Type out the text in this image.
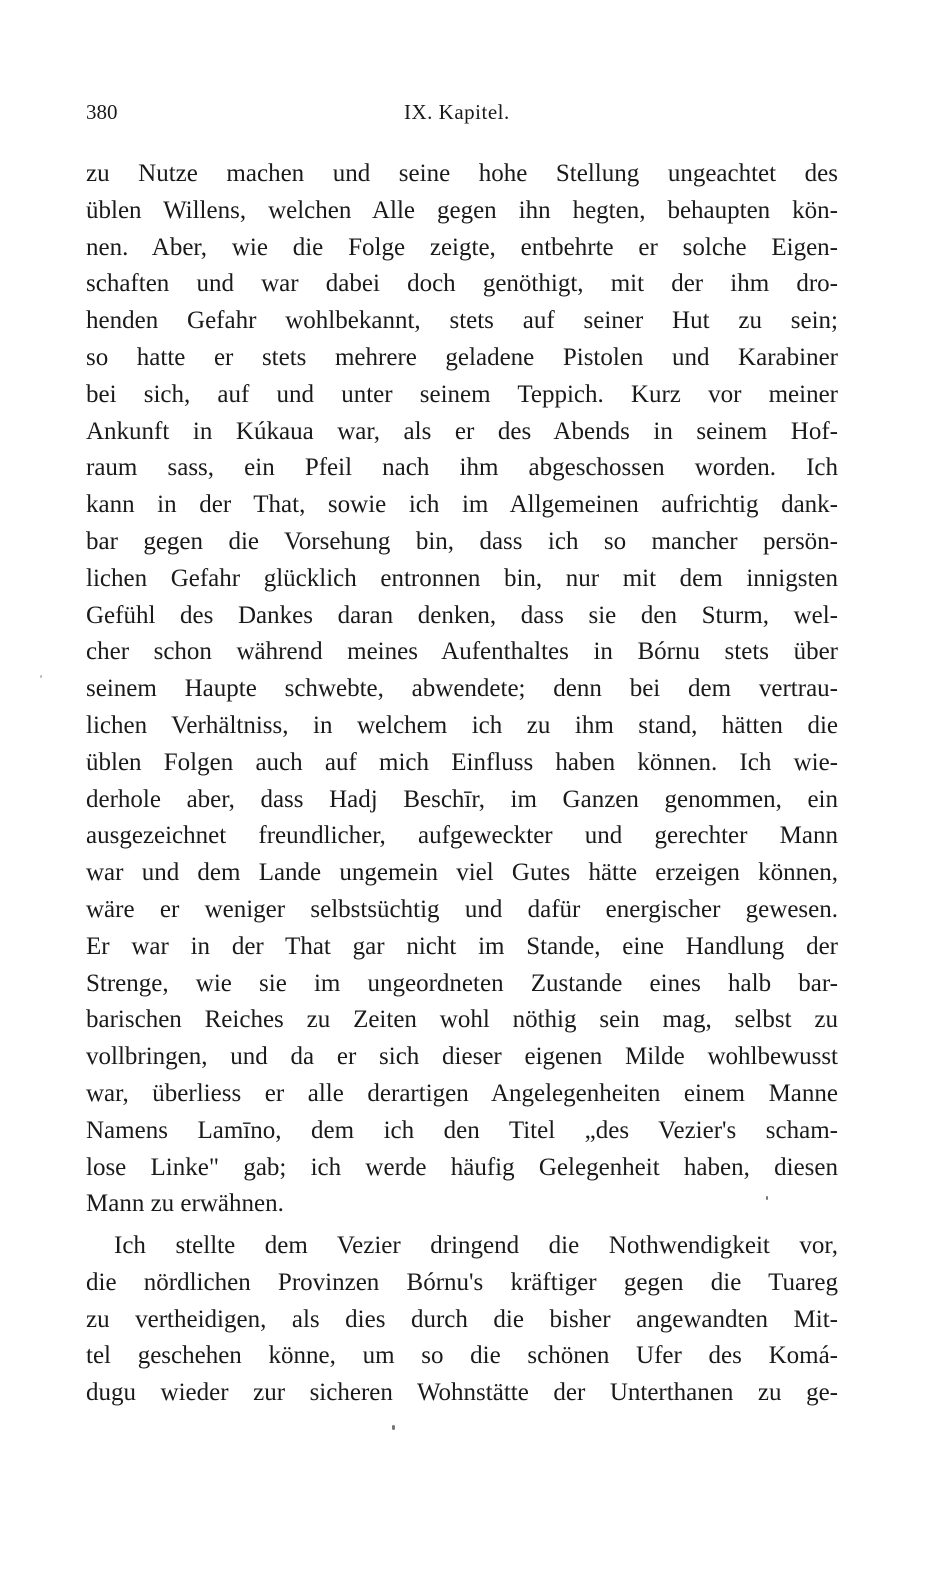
380	IX. Kapitel.
zu Nutze machen und seine hohe Stellung ungeachtet des
üblen Willens, welchen Alle gegen ihn hegten, behaupten kön-
nen. Aber, wie die Folge zeigte, entbehrte er solche Eigen-
schaften und war dabei doch genöthigt, mit der ihm dro-
henden Gefahr wohlbekannt, stets auf seiner Hut zu sein;
so hatte er stets mehrere geladene Pistolen und Karabiner
bei sich, auf und unter seinem Teppich. Kurz vor meiner
Ankunft in Kúkaua war, als er des Abends in seinem Hof-
raum sass, ein Pfeil nach ihm abgeschossen worden. Ich
kann in der That, sowie ich im Allgemeinen aufrichtig dank-
bar gegen die Vorsehung bin, dass ich so mancher persön-
lichen Gefahr glücklich entronnen bin, nur mit dem innigsten
Gefühl des Dankes daran denken, dass sie den Sturm, wel-
cher schon während meines Aufenthaltes in Bórnu stets über
seinem Haupte schwebte, abwendete; denn bei dem vertrau-
lichen Verhältniss, in welchem ich zu ihm stand, hätten die
üblen Folgen auch auf mich Einfluss haben können. Ich wie-
derhole aber, dass Hadj Beschīr, im Ganzen genommen, ein
ausgezeichnet freundlicher, aufgeweckter und gerechter Mann
war und dem Lande ungemein viel Gutes hätte erzeigen können,
wäre er weniger selbstsüchtig und dafür energischer gewesen.
Er war in der That gar nicht im Stande, eine Handlung der
Strenge, wie sie im ungeordneten Zustande eines halb bar-
barischen Reiches zu Zeiten wohl nöthig sein mag, selbst zu
vollbringen, und da er sich dieser eigenen Milde wohlbewusst
war, überliess er alle derartigen Angelegenheiten einem Manne
Namens Lamīno, dem ich den Titel „des Vezier's scham-
lose Linke" gab; ich werde häufig Gelegenheit haben, diesen
Mann zu erwähnen.
Ich stellte dem Vezier dringend die Nothwendigkeit vor,
die nördlichen Provinzen Bórnu's kräftiger gegen die Tuareg
zu vertheidigen, als dies durch die bisher angewandten Mit-
tel geschehen könne, um so die schönen Ufer des Komá-
dugu wieder zur sicheren Wohnstätte der Unterthanen zu ge-
